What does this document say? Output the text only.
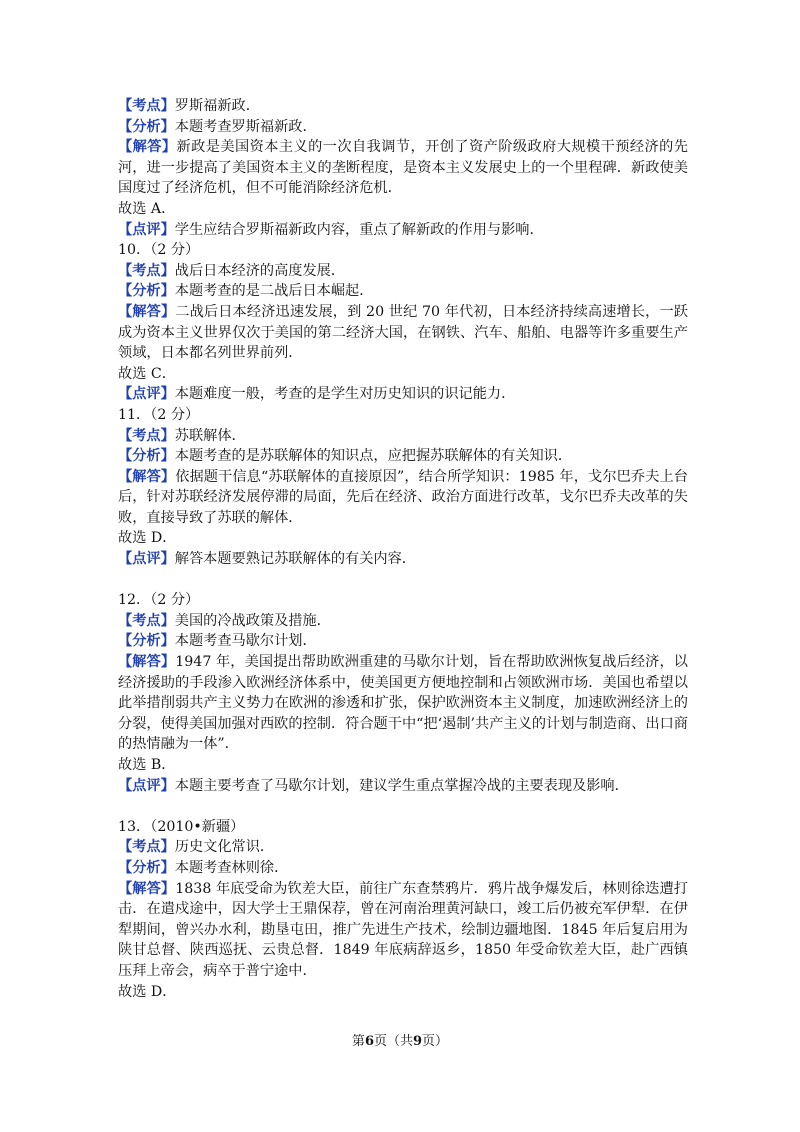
【考点】罗斯福新政．
【分析】本题考查罗斯福新政．
【解答】新政是美国资本主义的一次自我调节，开创了资产阶级政府大规模干预经济的先河，进一步提高了美国资本主义的垄断程度，是资本主义发展史上的一个里程碑．新政使美国度过了经济危机，但不可能消除经济危机．
故选 A．
【点评】学生应结合罗斯福新政内容，重点了解新政的作用与影响．
10．（2 分）
【考点】战后日本经济的高度发展．
【分析】本题考查的是二战后日本崛起．
【解答】二战后日本经济迅速发展，到 20 世纪 70 年代初，日本经济持续高速增长，一跃成为资本主义世界仅次于美国的第二经济大国，在钢铁、汽车、船舶、电器等许多重要生产领域，日本都名列世界前列．
故选 C．
【点评】本题难度一般，考查的是学生对历史知识的识记能力．
11．（2 分）
【考点】苏联解体．
【分析】本题考查的是苏联解体的知识点，应把握苏联解体的有关知识．
【解答】依据题干信息“苏联解体的直接原因”，结合所学知识：1985 年，戈尔巴乔夫上台后，针对苏联经济发展停滞的局面，先后在经济、政治方面进行改革，戈尔巴乔夫改革的失败，直接导致了苏联的解体．
故选 D．
【点评】解答本题要熟记苏联解体的有关内容．
12．（2 分）
【考点】美国的冷战政策及措施．
【分析】本题考查马歇尔计划．
【解答】1947 年，美国提出帮助欧洲重建的马歇尔计划，旨在帮助欧洲恢复战后经济，以经济援助的手段渗入欧洲经济体系中，使美国更方便地控制和占领欧洲市场．美国也希望以此举措削弱共产主义势力在欧洲的渗透和扩张，保护欧洲资本主义制度，加速欧洲经济上的分裂，使得美国加强对西欧的控制．符合题干中“把‘遏制’共产主义的计划与制造商、出口商的热情融为一体”．
故选 B．
【点评】本题主要考查了马歇尔计划，建议学生重点掌握冷战的主要表现及影响．
13．（2010•新疆）
【考点】历史文化常识．
【分析】本题考查林则徐．
【解答】1838 年底受命为钦差大臣，前往广东查禁鸦片．鸦片战争爆发后，林则徐迭遭打击．在遣戍途中，因大学士王鼎保荐，曾在河南治理黄河缺口，竣工后仍被充军伊犁．在伊犁期间，曾兴办水利，勘垦屯田，推广先进生产技术，绘制边疆地图．1845 年后复启用为陕甘总督、陕西巡抚、云贵总督．1849 年底病辞返乡，1850 年受命钦差大臣，赴广西镇压拜上帝会，病卒于普宁途中．
故选 D．
第6页（共9页）
